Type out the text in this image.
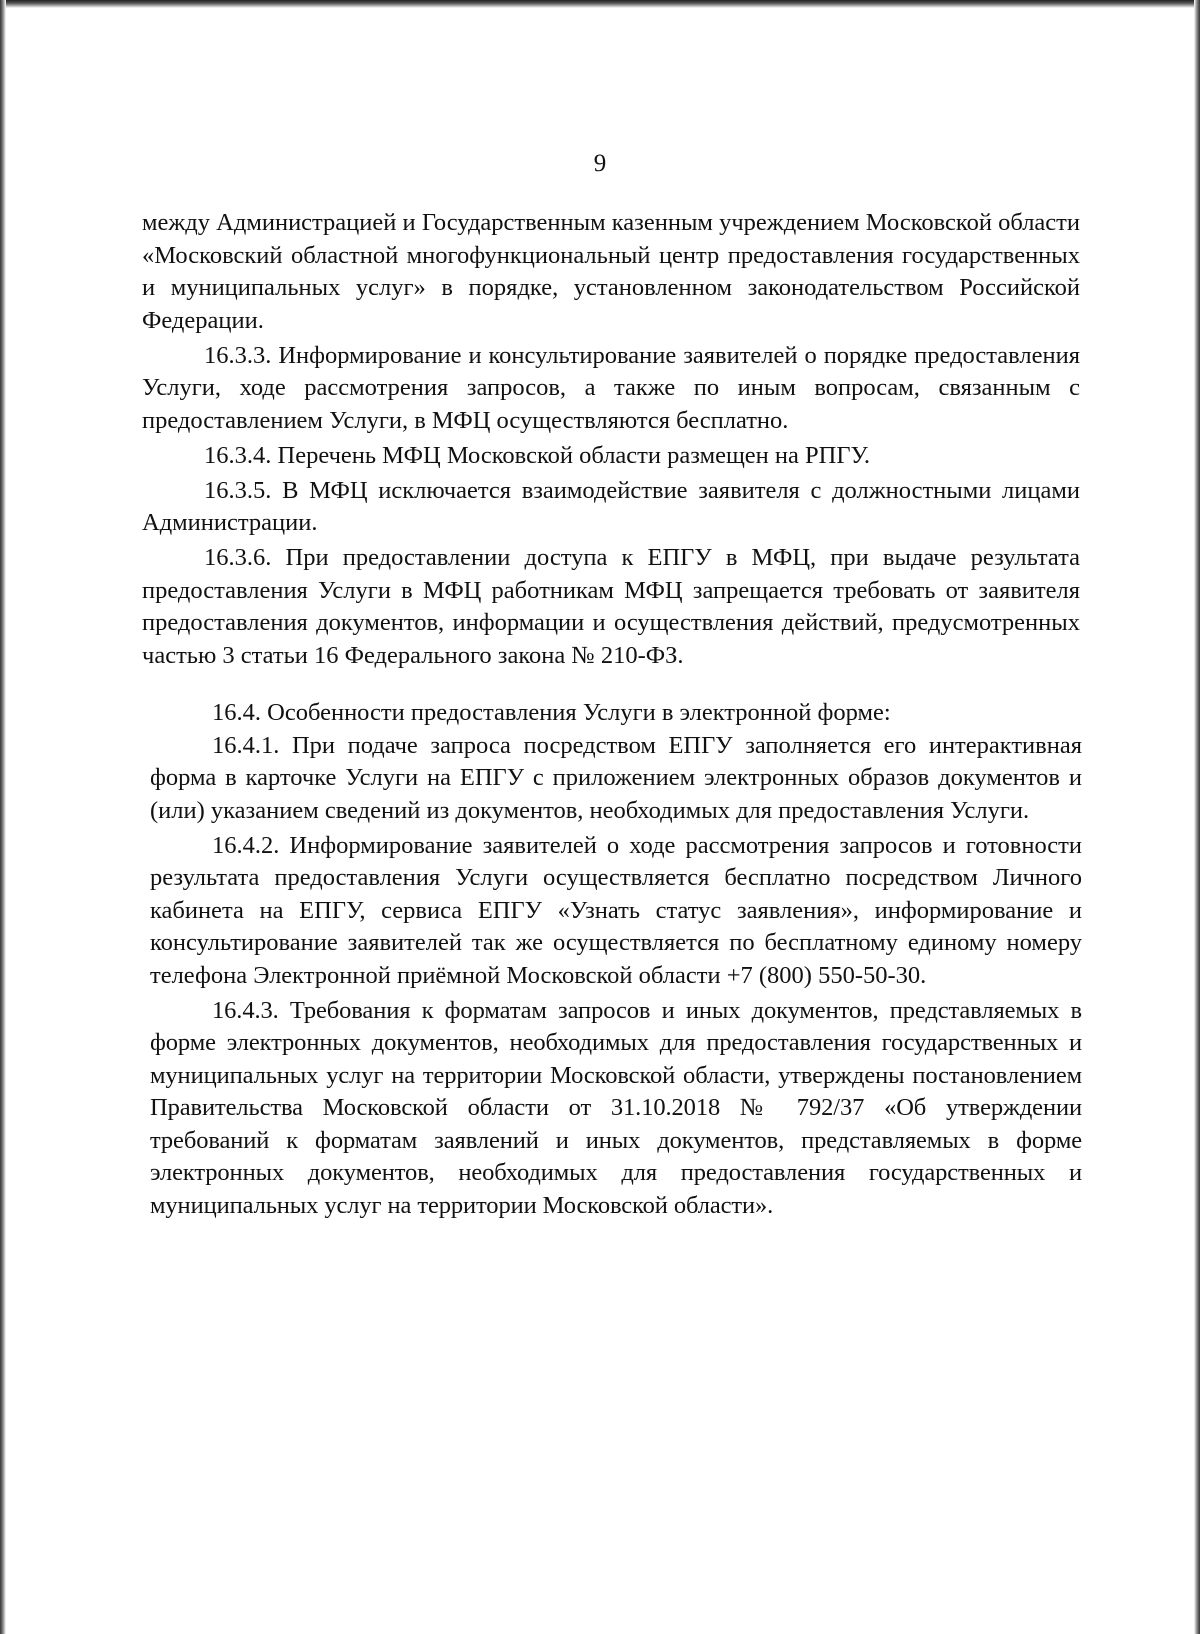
9

между Администрацией и Государственным казенным учреждением Московской области «Московский областной многофункциональный центр предоставления государственных и муниципальных услуг» в порядке, установленном законодательством Российской Федерации.

16.3.3. Информирование и консультирование заявителей о порядке предоставления Услуги, ходе рассмотрения запросов, а также по иным вопросам, связанным с предоставлением Услуги, в МФЦ осуществляются бесплатно.

16.3.4. Перечень МФЦ Московской области размещен на РПГУ.

16.3.5. В МФЦ исключается взаимодействие заявителя с должностными лицами Администрации.

16.3.6. При предоставлении доступа к ЕПГУ в МФЦ, при выдаче результата предоставления Услуги в МФЦ работникам МФЦ запрещается требовать от заявителя предоставления документов, информации и осуществления действий, предусмотренных частью 3 статьи 16 Федерального закона № 210-ФЗ.

16.4. Особенности предоставления Услуги в электронной форме:

16.4.1. При подаче запроса посредством ЕПГУ заполняется его интерактивная форма в карточке Услуги на ЕПГУ с приложением электронных образов документов и (или) указанием сведений из документов, необходимых для предоставления Услуги.

16.4.2. Информирование заявителей о ходе рассмотрения запросов и готовности результата предоставления Услуги осуществляется бесплатно посредством Личного кабинета на ЕПГУ, сервиса ЕПГУ «Узнать статус заявления», информирование и консультирование заявителей так же осуществляется по бесплатному единому номеру телефона Электронной приёмной Московской области +7 (800) 550-50-30.

16.4.3. Требования к форматам запросов и иных документов, представляемых в форме электронных документов, необходимых для предоставления государственных и муниципальных услуг на территории Московской области, утверждены постановлением Правительства Московской области от 31.10.2018 № 792/37 «Об утверждении требований к форматам заявлений и иных документов, представляемых в форме электронных документов, необходимых для предоставления государственных и муниципальных услуг на территории Московской области».
